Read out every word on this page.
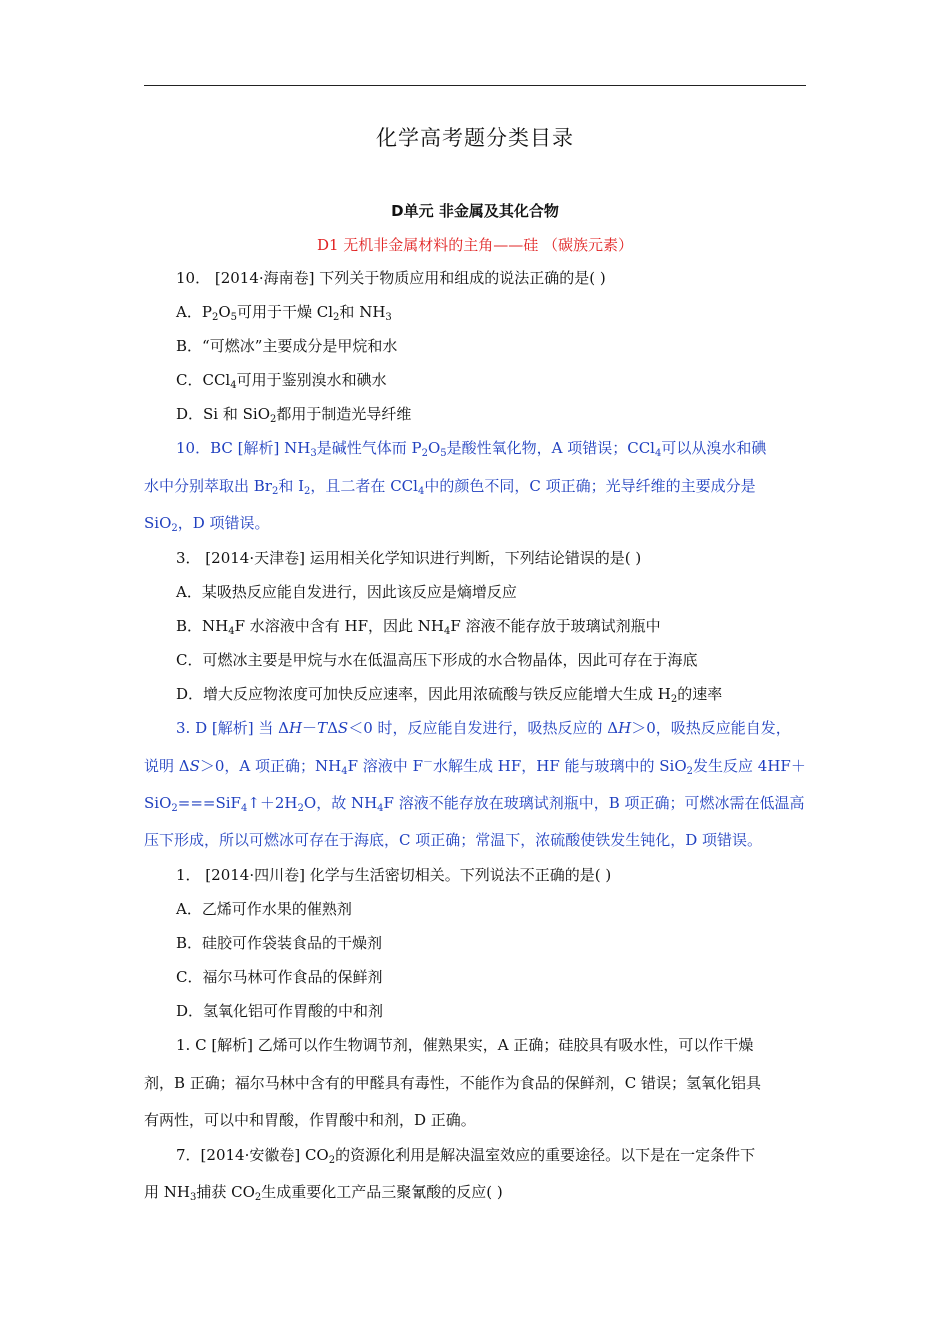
化学高考题分类目录
D单元 非金属及其化合物
D1 无机非金属材料的主角——硅 （碳族元素）
10． [2014·海南卷] 下列关于物质应用和组成的说法正确的是( )
A．$P_2O_5$可用于干燥 $Cl_2$和 $NH_3$
B．“可燃冰”主要成分是甲烷和水
C．CCl$_4$可用于鉴别溴水和碘水
D．Si 和 SiO$_2$都用于制造光导纤维
10．BC [解析] $NH_3$是碱性气体而 $P_2O_5$是酸性氧化物，A 项错误；CCl$_4$可以从溴水和碘
水中分别萃取出 $Br_2$和 $I_2$，且二者在 CCl$_4$中的颜色不同，C 项正确；光导纤维的主要成分是
SiO$_2$，D 项错误。
3． [2014·天津卷] 运用相关化学知识进行判断，下列结论错误的是( )
A．某吸热反应能自发进行，因此该反应是熵增反应
B．$NH_4F$ 水溶液中含有 HF，因此 $NH_4F$ 溶液不能存放于玻璃试剂瓶中
C．可燃冰主要是甲烷与水在低温高压下形成的水合物晶体，因此可存在于海底
D．增大反应物浓度可加快反应速率，因此用浓硫酸与铁反应能增大生成 $H_2$的速率
3. D [解析] 当 ΔH－TΔS＜0 时，反应能自发进行，吸热反应的 ΔH＞0，吸热反应能自发，
说明 ΔS＞0，A 项正确；$NH_4F$ 溶液中 F－水解生成 HF，HF 能与玻璃中的 SiO$_2$发生反应 4HF＋
$SiO_2===SiF_4↑+2H_2O$，故 $NH_4F$ 溶液不能存放在玻璃试剂瓶中，B 项正确；可燃冰需在低温高
压下形成，所以可燃冰可存在于海底，C 项正确；常温下，浓硫酸使铁发生钝化，D 项错误。
1． [2014·四川卷] 化学与生活密切相关。下列说法不正确的是( )
A．乙烯可作水果的催熟剂
B．硅胶可作袋装食品的干燥剂
C．福尔马林可作食品的保鲜剂
D．氢氧化铝可作胃酸的中和剂
1. C [解析] 乙烯可以作生物调节剂，催熟果实，A 正确；硅胶具有吸水性，可以作干燥
剂，B 正确；福尔马林中含有的甲醛具有毒性，不能作为食品的保鲜剂，C 错误；氢氧化铝具
有两性，可以中和胃酸，作胃酸中和剂，D 正确。
7．[2014·安徽卷] $CO_2$的资源化利用是解决温室效应的重要途径。以下是在一定条件下
用 $NH_3$捕获 $CO_2$生成重要化工产品三聚氰酸的反应( )
